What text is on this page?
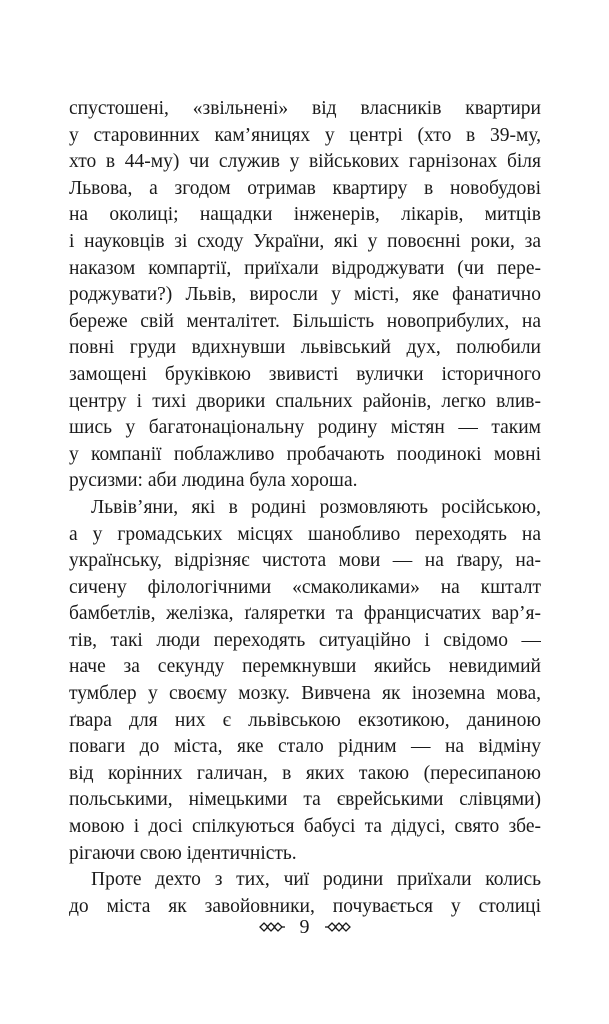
спустошені, «звільнені» від власників квартири
у старовинних кам’яницях у центрі (хто в 39-му,
хто в 44-му) чи служив у військових гарнізонах біля
Львова, а згодом отримав квартиру в новобудові
на околиці; нащадки інженерів, лікарів, митців
і науковців зі сходу України, які у повоєнні роки, за
наказом компартії, приїхали відроджувати (чи пере-
роджувати?) Львів, виросли у місті, яке фанатично
береже свій менталітет. Більшість новоприбулих, на
повні груди вдихнувши львівський дух, полюбили
замощені бруківкою звивисті вулички історичного
центру і тихі дворики спальних районів, легко влив-
шись у багатонаціональну родину містян — таким
у компанії поблажливо пробачають поодинокі мовні
русизми: аби людина була хороша.
Львів’яни, які в родині розмовляють російською,
а у громадських місцях шанобливо переходять на
українську, відрізняє чистота мови — на ґвару, на-
сичену філологічними «смаколиками» на кшталт
бамбетлів, желізка, ґаляретки та францисчатих вар’я-
тів, такі люди переходять ситуаційно і свідомо —
наче за секунду перемкнувши якийсь невидимий
тумблер у своєму мозку. Вивчена як іноземна мова,
ґвара для них є львівською екзотикою, даниною
поваги до міста, яке стало рідним — на відміну
від корінних галичан, в яких такою (пересипаною
польськими, німецькими та єврейськими слівцями)
мовою і досі спілкуються бабусі та дідусі, свято збе-
рігаючи свою ідентичність.
Проте дехто з тих, чиї родини приїхали колись
до міста як завойовники, почувається у столиці
9
